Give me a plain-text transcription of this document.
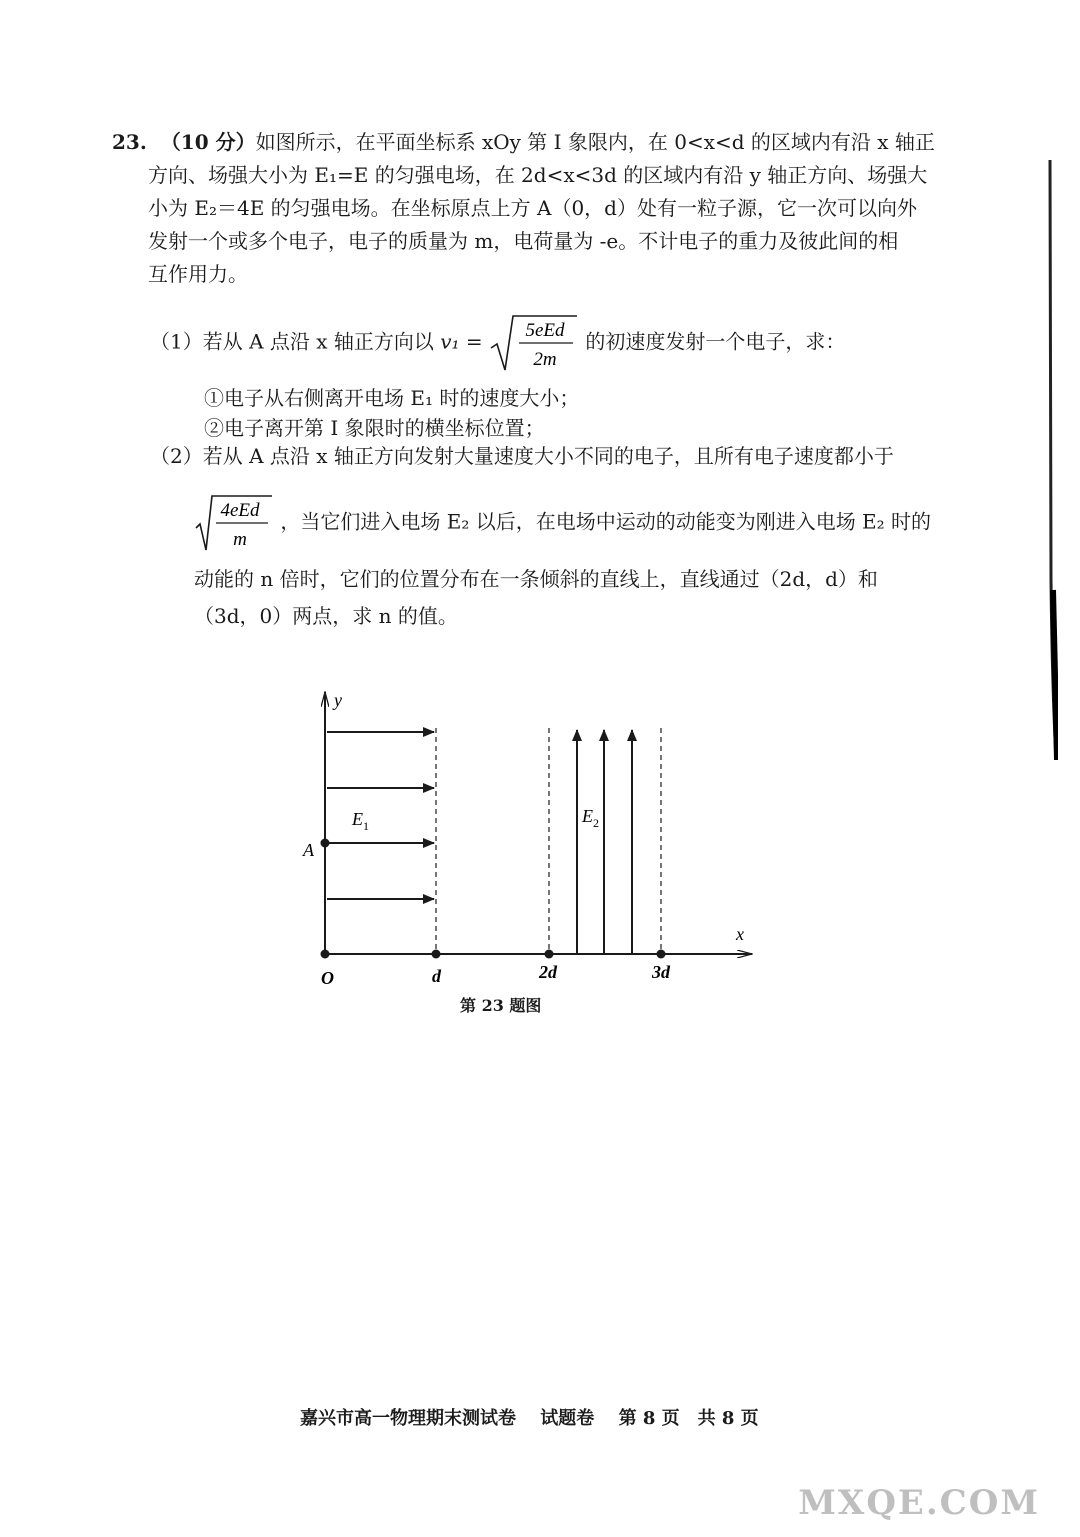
23. （10 分）如图所示，在平面坐标系 xOy 第 I 象限内，在 0<x<d 的区域内有沿 x 轴正
方向、场强大小为 E₁=E 的匀强电场，在 2d<x<3d 的区域内有沿 y 轴正方向、场强大
小为 E₂＝4E 的匀强电场。在坐标原点上方 A（0，d）处有一粒子源，它一次可以向外
发射一个或多个电子，电子的质量为 m，电荷量为 -e。不计电子的重力及彼此间的相
互作用力。
（1）若从 A 点沿 x 轴正方向以 v₁ = 5eEd
2m
的初速度发射一个电子，求：
①电子从右侧离开电场 E₁ 时的速度大小；
②电子离开第 I 象限时的横坐标位置；
（2）若从 A 点沿 x 轴正方向发射大量速度大小不同的电子，且所有电子速度都小于
4eEd
m
，当它们进入电场 E₂ 以后，在电场中运动的动能变为刚进入电场 E₂ 时的
动能的 n 倍时，它们的位置分布在一条倾斜的直线上，直线通过（2d，d）和
（3d，0）两点，求 n 的值。
y
x
$E_1$
A
$E_2$
O	d	2d	3d
第 23 题图
嘉兴市高一物理期末测试卷 试题卷 第 8 页　共 8 页
MXQE.COM
